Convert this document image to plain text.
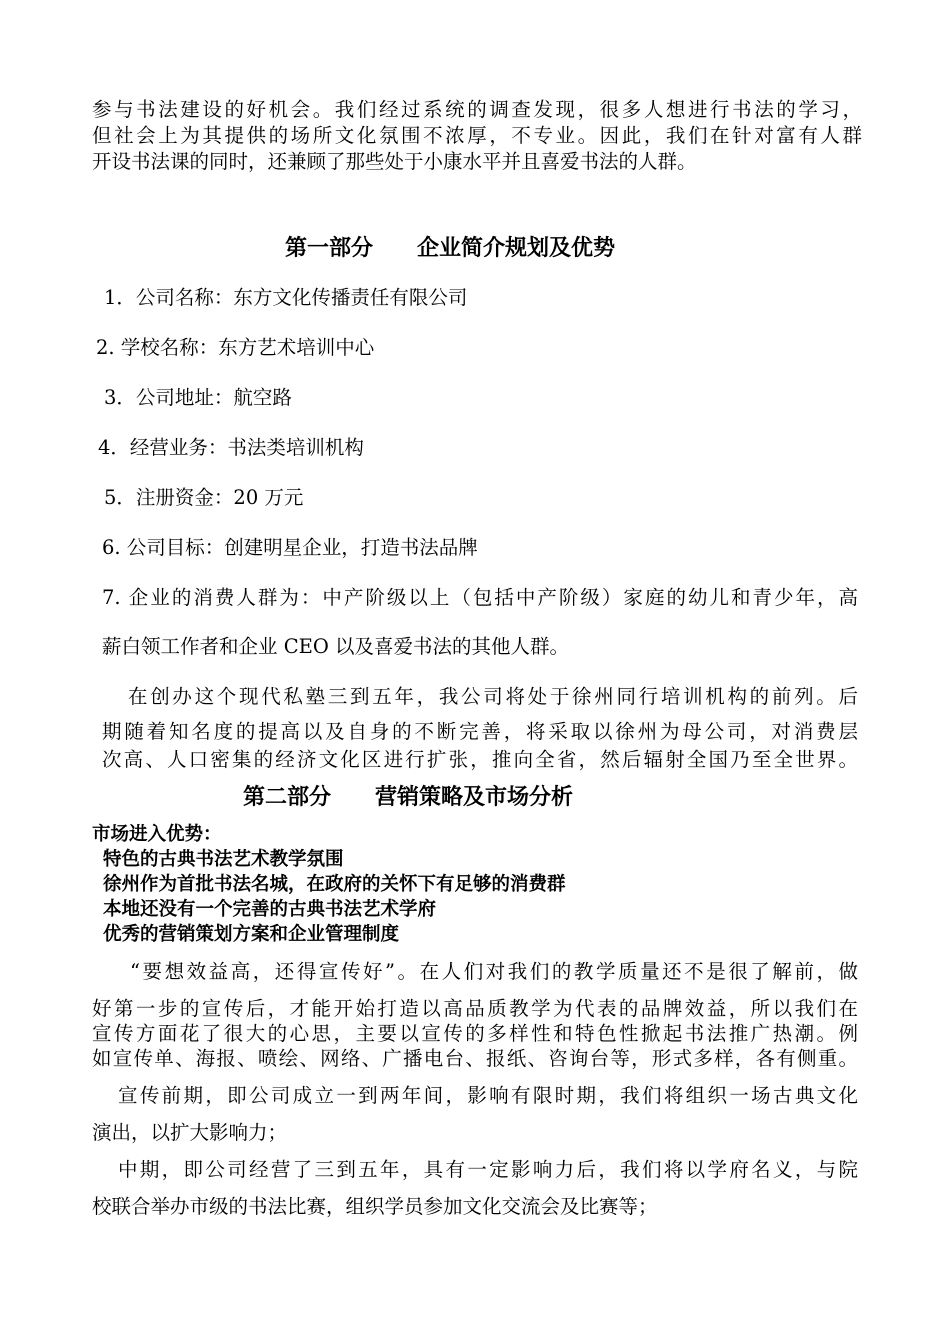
参与书法建设的好机会。我们经过系统的调查发现，很多人想进行书法的学习，
但社会上为其提供的场所文化氛围不浓厚，不专业。因此，我们在针对富有人群
开设书法课的同时，还兼顾了那些处于小康水平并且喜爱书法的人群。
第一部分　　企业简介规划及优势
1．公司名称：东方文化传播责任有限公司
2. 学校名称：东方艺术培训中心
3．公司地址：航空路
4．经营业务：书法类培训机构
5．注册资金：20 万元
6. 公司目标：创建明星企业，打造书法品牌
7. 企业的消费人群为：中产阶级以上（包括中产阶级）家庭的幼儿和青少年，高
薪白领工作者和企业 CEO 以及喜爱书法的其他人群。
在创办这个现代私塾三到五年，我公司将处于徐州同行培训机构的前列。后
期随着知名度的提高以及自身的不断完善，将采取以徐州为母公司，对消费层
次高、人口密集的经济文化区进行扩张，推向全省，然后辐射全国乃至全世界。
第二部分　　营销策略及市场分析
市场进入优势：
特色的古典书法艺术教学氛围
徐州作为首批书法名城，在政府的关怀下有足够的消费群
本地还没有一个完善的古典书法艺术学府
优秀的营销策划方案和企业管理制度
“要想效益高，还得宣传好”。在人们对我们的教学质量还不是很了解前，做
好第一步的宣传后，才能开始打造以高品质教学为代表的品牌效益，所以我们在
宣传方面花了很大的心思，主要以宣传的多样性和特色性掀起书法推广热潮。例
如宣传单、海报、喷绘、网络、广播电台、报纸、咨询台等，形式多样，各有侧重。
宣传前期，即公司成立一到两年间，影响有限时期，我们将组织一场古典文化
演出，以扩大影响力；
中期，即公司经营了三到五年，具有一定影响力后，我们将以学府名义，与院
校联合举办市级的书法比赛，组织学员参加文化交流会及比赛等；
